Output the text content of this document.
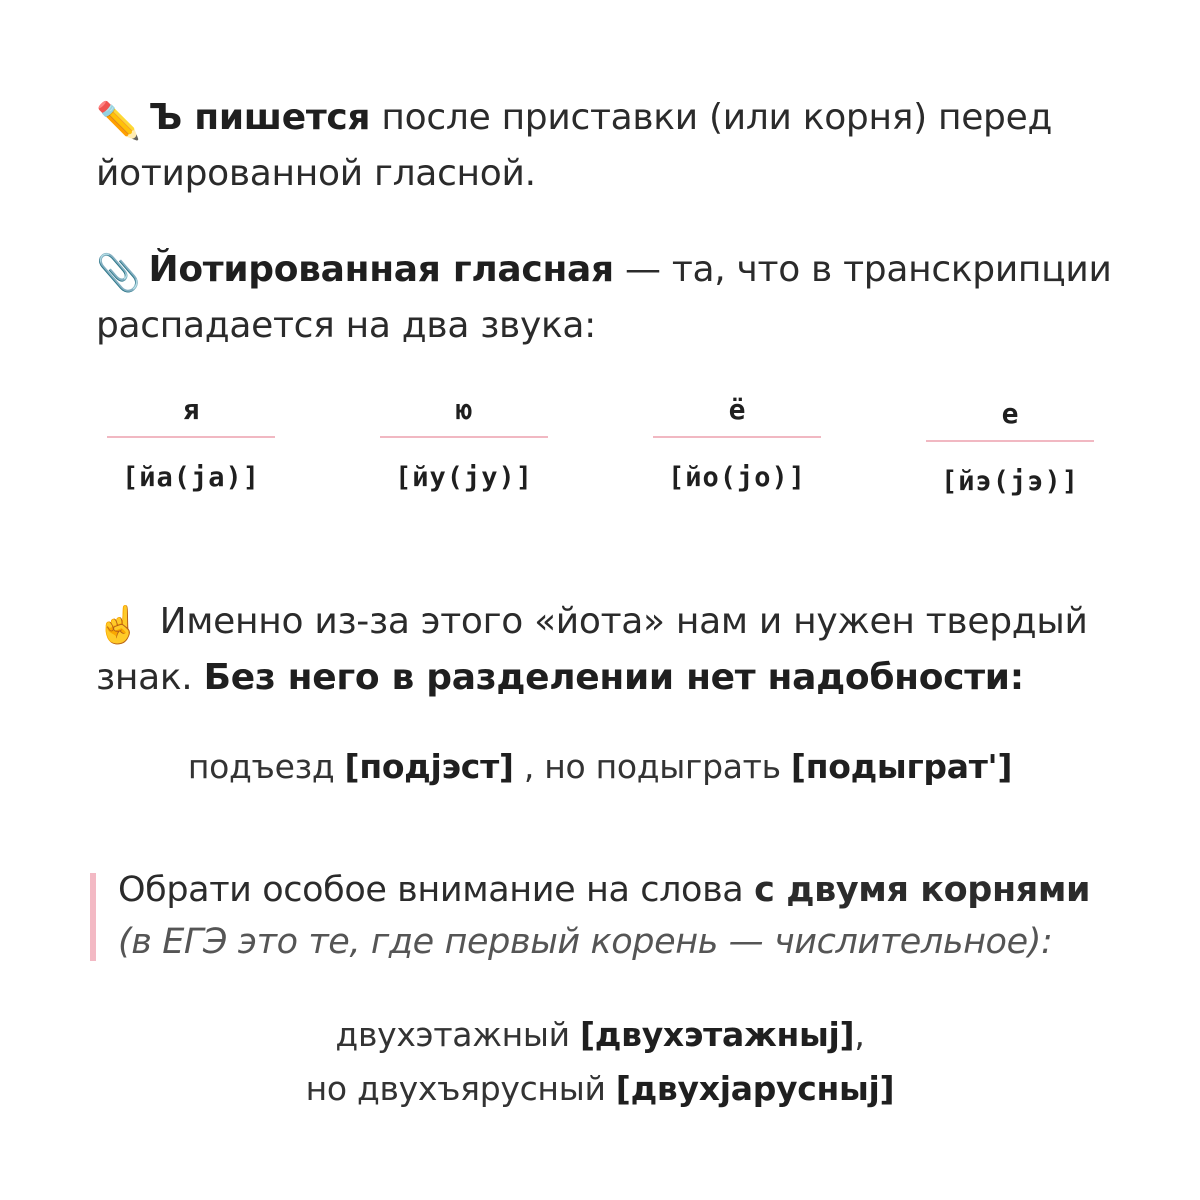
✏️ Ъ пишется после приставки (или корня) перед йотированной гласной.
📎 Йотированная гласная — та, что в транскрипции распадается на два звука:
я
[йа(ja)]
ю
[йу(jy)]
ё
[йо(jo)]
е
[йэ(jэ)]
☝️ Именно из-за этого «йота» нам и нужен твердый знак. Без него в разделении нет надобности:
подъезд [подjэст] , но подыграть [подыграт']
Обрати особое внимание на слова с двумя корнями
(в ЕГЭ это те, где первый корень — числительное):
двухэтажный [двухэтажныj],
но двухъярусный [двухjаруcныj]
